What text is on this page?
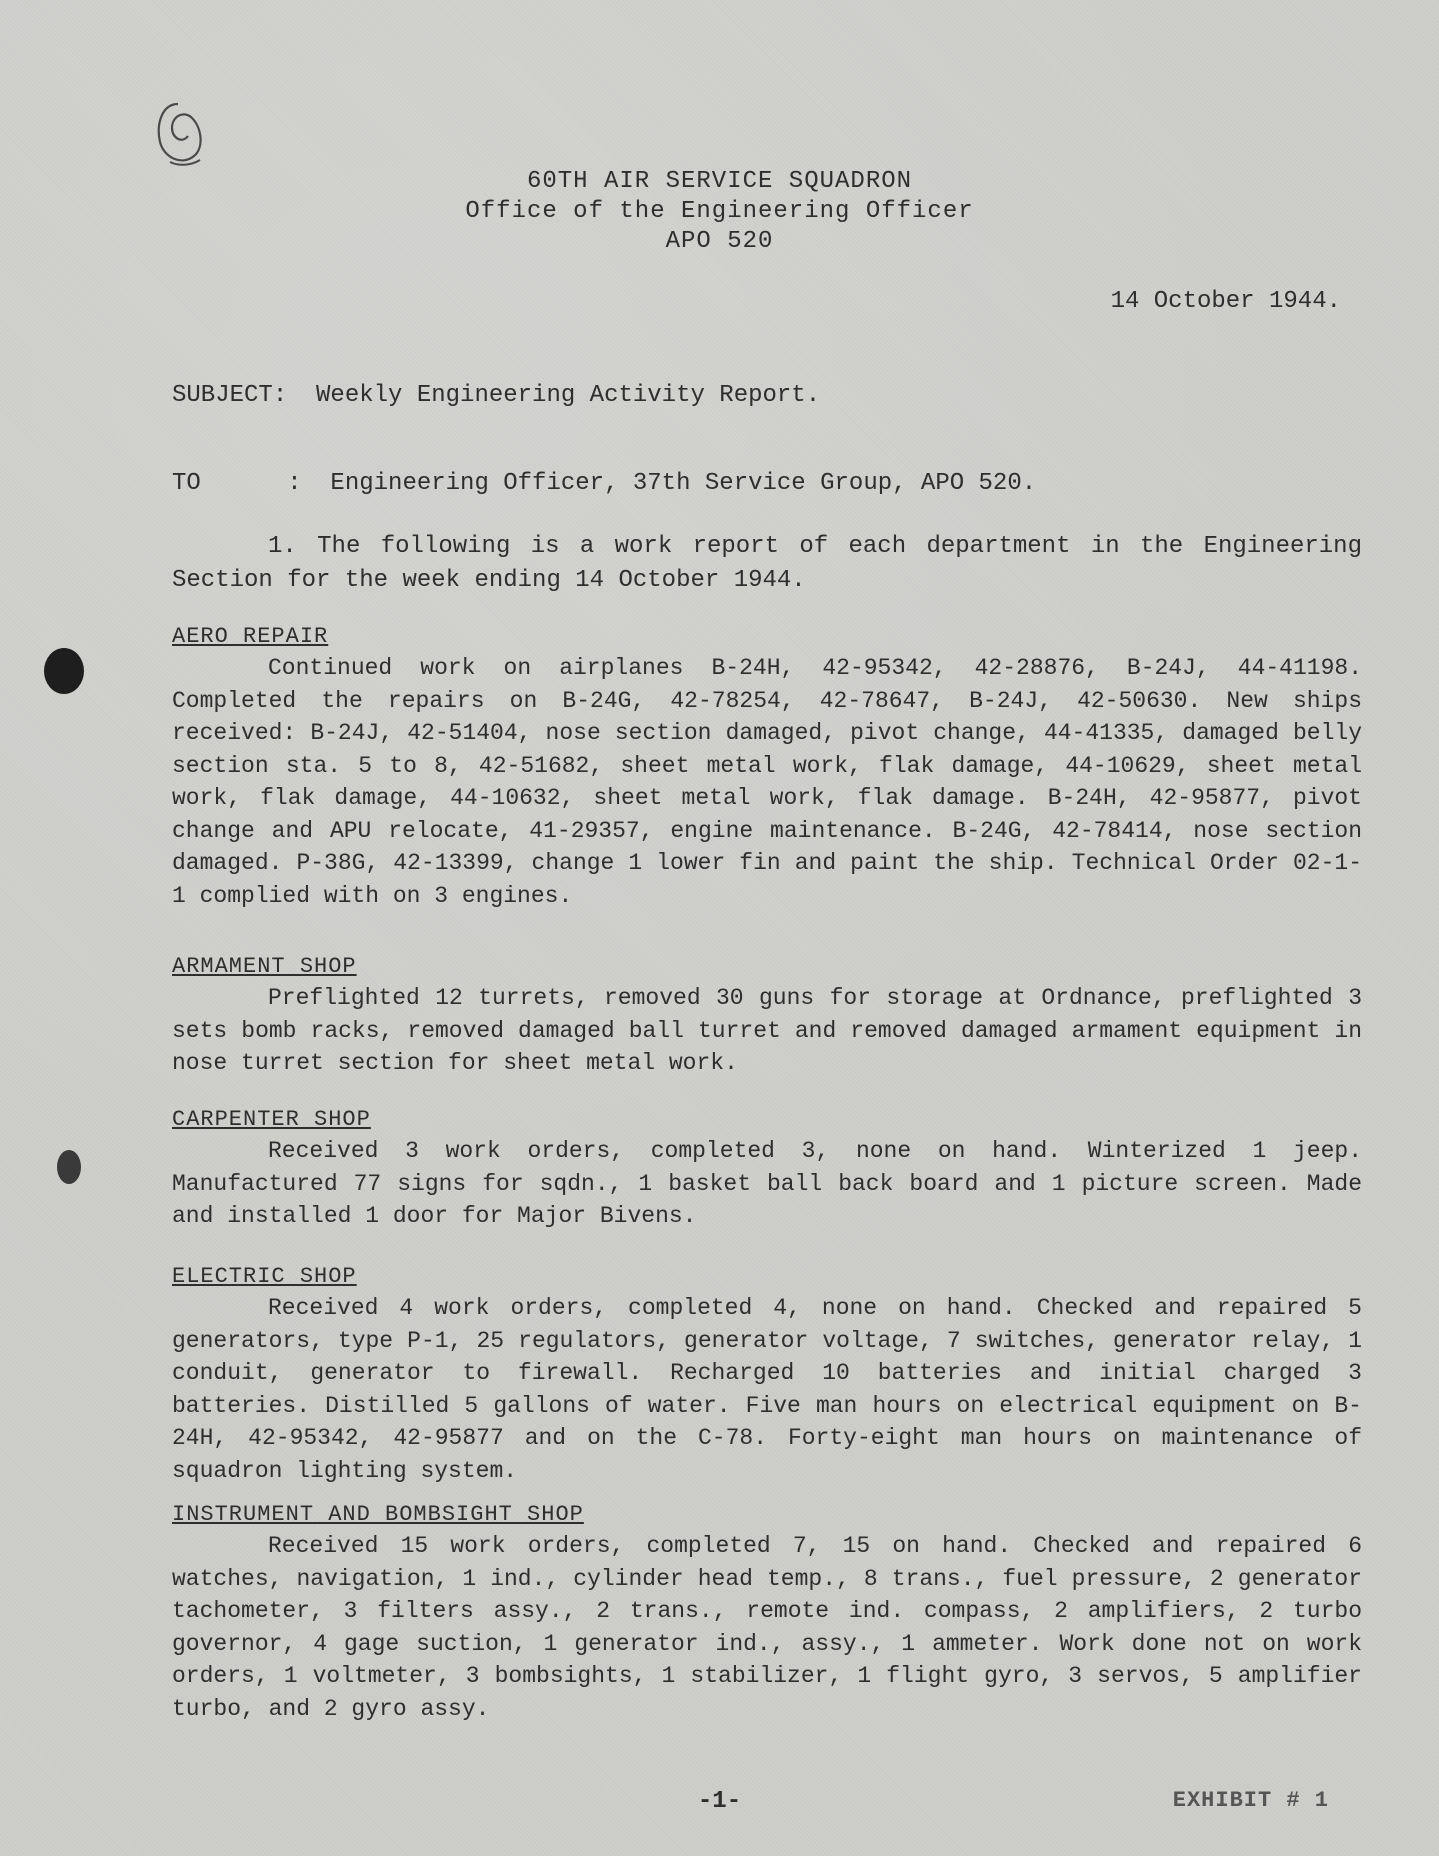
60TH AIR SERVICE SQUADRON
Office of the Engineering Officer
APO 520
14 October 1944.
SUBJECT:  Weekly Engineering Activity Report.
TO      :  Engineering Officer, 37th Service Group, APO 520.
1. The following is a work report of each department in the Engineering Section for the week ending 14 October 1944.
AERO REPAIR
Continued work on airplanes B-24H, 42-95342, 42-28876, B-24J, 44-41198. Completed the repairs on B-24G, 42-78254, 42-78647, B-24J, 42-50630. New ships received: B-24J, 42-51404, nose section damaged, pivot change, 44-41335, damaged belly section sta. 5 to 8, 42-51682, sheet metal work, flak damage, 44-10629, sheet metal work, flak damage, 44-10632, sheet metal work, flak damage. B-24H, 42-95877, pivot change and APU relocate, 41-29357, engine maintenance. B-24G, 42-78414, nose section damaged. P-38G, 42-13399, change 1 lower fin and paint the ship. Technical Order 02-1-1 complied with on 3 engines.
ARMAMENT SHOP
Preflighted 12 turrets, removed 30 guns for storage at Ordnance, preflighted 3 sets bomb racks, removed damaged ball turret and removed damaged armament equipment in nose turret section for sheet metal work.
CARPENTER SHOP
Received 3 work orders, completed 3, none on hand. Winterized 1 jeep. Manufactured 77 signs for sqdn., 1 basket ball back board and 1 picture screen. Made and installed 1 door for Major Bivens.
ELECTRIC SHOP
Received 4 work orders, completed 4, none on hand. Checked and repaired 5 generators, type P-1, 25 regulators, generator voltage, 7 switches, generator relay, 1 conduit, generator to firewall. Recharged 10 batteries and initial charged 3 batteries. Distilled 5 gallons of water. Five man hours on electrical equipment on B-24H, 42-95342, 42-95877 and on the C-78. Forty-eight man hours on maintenance of squadron lighting system.
INSTRUMENT AND BOMBSIGHT SHOP
Received 15 work orders, completed 7, 15 on hand. Checked and repaired 6 watches, navigation, 1 ind., cylinder head temp., 8 trans., fuel pressure, 2 generator tachometer, 3 filters assy., 2 trans., remote ind. compass, 2 amplifiers, 2 turbo governor, 4 gage suction, 1 generator ind., assy., 1 ammeter. Work done not on work orders, 1 voltmeter, 3 bombsights, 1 stabilizer, 1 flight gyro, 3 servos, 5 amplifier turbo, and 2 gyro assy.
-1-	EXHIBIT # 1
